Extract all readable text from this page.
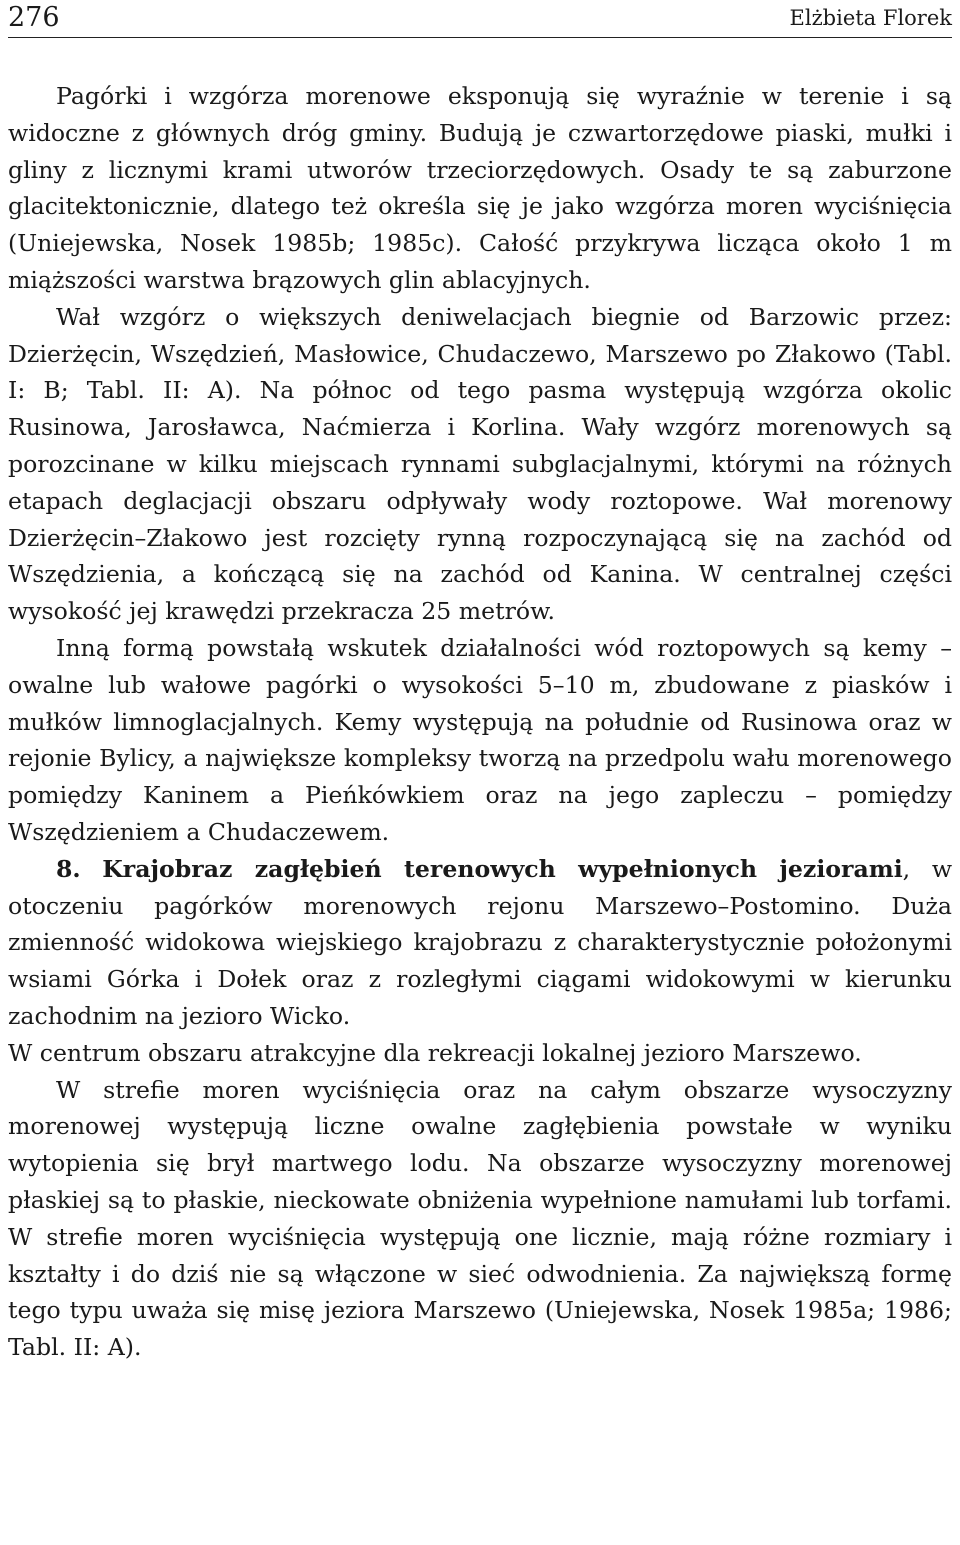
276	Elżbieta Florek

Pagórki i wzgórza morenowe eksponują się wyraźnie w terenie i są widoczne z głównych dróg gminy. Budują je czwartorzędowe piaski, mułki i gliny z licznymi krami utworów trzeciorzędowych. Osady te są zaburzone glacitektonicznie, dlatego też określa się je jako wzgórza moren wyciśnięcia (Uniejewska, Nosek 1985b; 1985c). Całość przykrywa licząca około 1 m miąższości warstwa brązowych glin ablacyjnych.

Wał wzgórz o większych deniwelacjach biegnie od Barzowic przez: Dzierżęcin, Wszędzień, Masłowice, Chudaczewo, Marszewo po Złakowo (Tabl. I: B; Tabl. II: A). Na północ od tego pasma występują wzgórza okolic Rusinowa, Jarosławca, Naćmierza i Korlina. Wały wzgórz morenowych są porozcinane w kilku miejscach rynnami subglacjalnymi, którymi na różnych etapach deglacjacji obszaru odpływały wody roztopowe. Wał morenowy Dzierżęcin–Złakowo jest rozcięty rynną rozpoczynającą się na zachód od Wszędzienia, a kończącą się na zachód od Kanina. W centralnej części wysokość jej krawędzi przekracza 25 metrów.

Inną formą powstałą wskutek działalności wód roztopowych są kemy – owalne lub wałowe pagórki o wysokości 5–10 m, zbudowane z piasków i mułków limnoglacjalnych. Kemy występują na południe od Rusinowa oraz w rejonie Bylicy, a największe kompleksy tworzą na przedpolu wału morenowego pomiędzy Kaninem a Pieńkówkiem oraz na jego zapleczu – pomiędzy Wszędzieniem a Chudaczewem.

8. Krajobraz zagłębień terenowych wypełnionych jeziorami, w otoczeniu pagórków morenowych rejonu Marszewo–Postomino. Duża zmienność widokowa wiejskiego krajobrazu z charakterystycznie położonymi wsiami Górka i Dołek oraz z rozległymi ciągami widokowymi w kierunku zachodnim na jezioro Wicko.

W centrum obszaru atrakcyjne dla rekreacji lokalnej jezioro Marszewo.

W strefie moren wyciśnięcia oraz na całym obszarze wysoczyzny morenowej występują liczne owalne zagłębienia powstałe w wyniku wytopienia się brył martwego lodu. Na obszarze wysoczyzny morenowej płaskiej są to płaskie, nieckowate obniżenia wypełnione namułami lub torfami. W strefie moren wyciśnięcia występują one licznie, mają różne rozmiary i kształty i do dziś nie są włączone w sieć odwodnienia. Za największą formę tego typu uważa się misę jeziora Marszewo (Uniejewska, Nosek 1985a; 1986; Tabl. II: A).
